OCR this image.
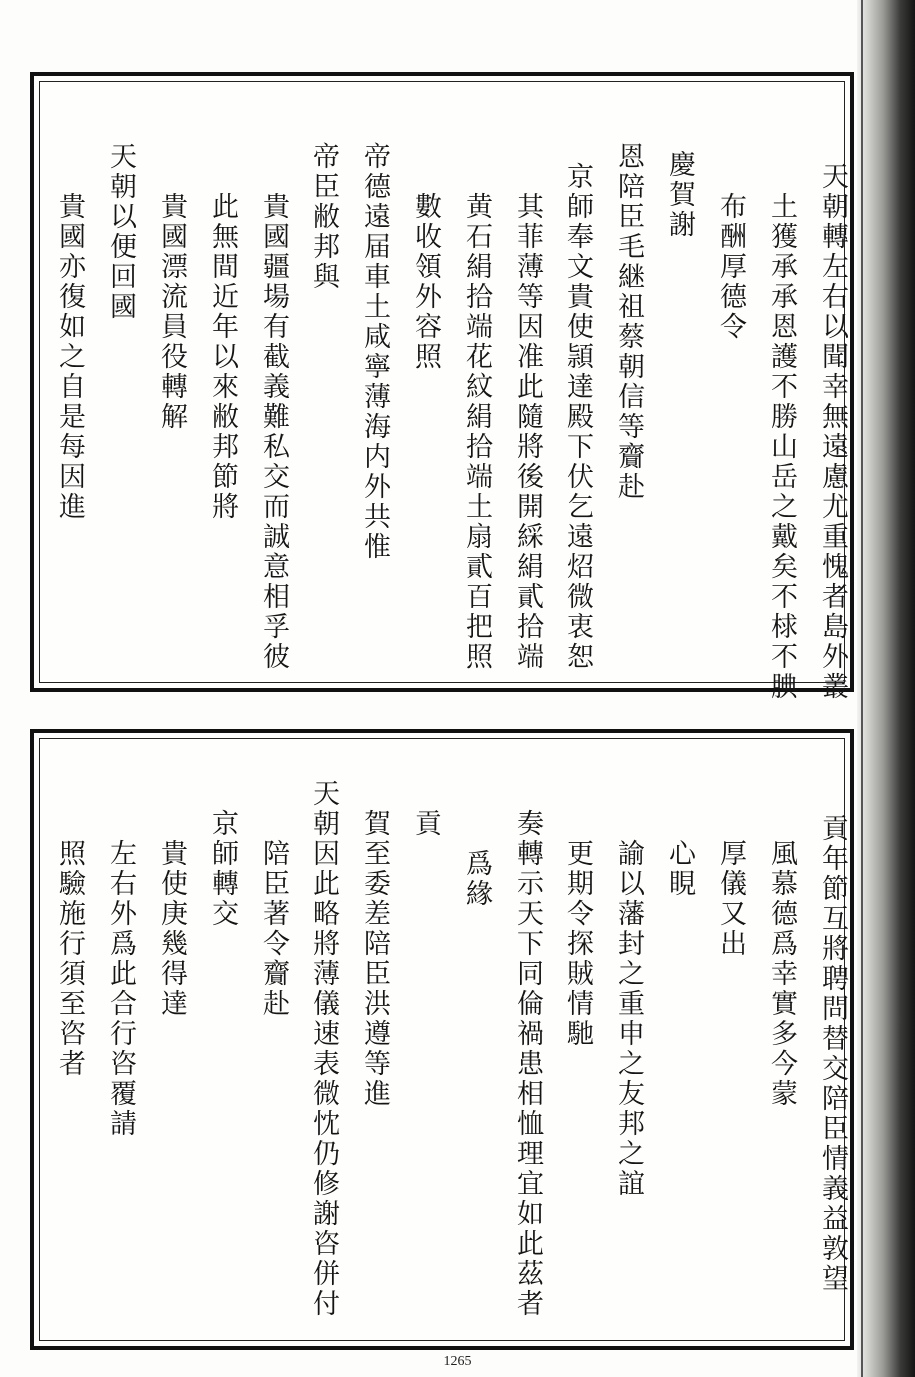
天朝轉左右以聞幸無遠慮尤重愧者島外叢
土獲承承恩護不勝山岳之戴矣不梂不腆
布酬厚德令
慶賀謝
恩陪臣毛継祖蔡朝信等齎赴
京師奉文貴使頴達殿下伏乞遠炤微衷恕
其菲薄等因准此隨將後開綵絹貳拾端
黄石絹拾端花紋絹拾端土扇貳百把照
數收領外容照
帝德遠届車土咸寧薄海内外共惟
帝臣敝邦與
貴國疆場有截義難私交而誠意相孚彼
此無間近年以來敝邦節將
貴國漂流員役轉解
天朝以便回國
貴國亦復如之自是每因進
貢年節互將聘問替交陪臣情義益敦望
風慕德爲幸實多今蒙
厚儀又出
心睍
諭以藩封之重申之友邦之誼
更期令探賊情馳
奏轉示天下同倫禍患相恤理宜如此茲者
爲緣
貢
賀至委差陪臣洪遵等進
天朝因此略將薄儀速表微忱仍修謝咨併付
陪臣著令齎赴
京師轉交
貴使庚幾得達
左右外爲此合行咨覆請
照驗施行須至咨者
1265
